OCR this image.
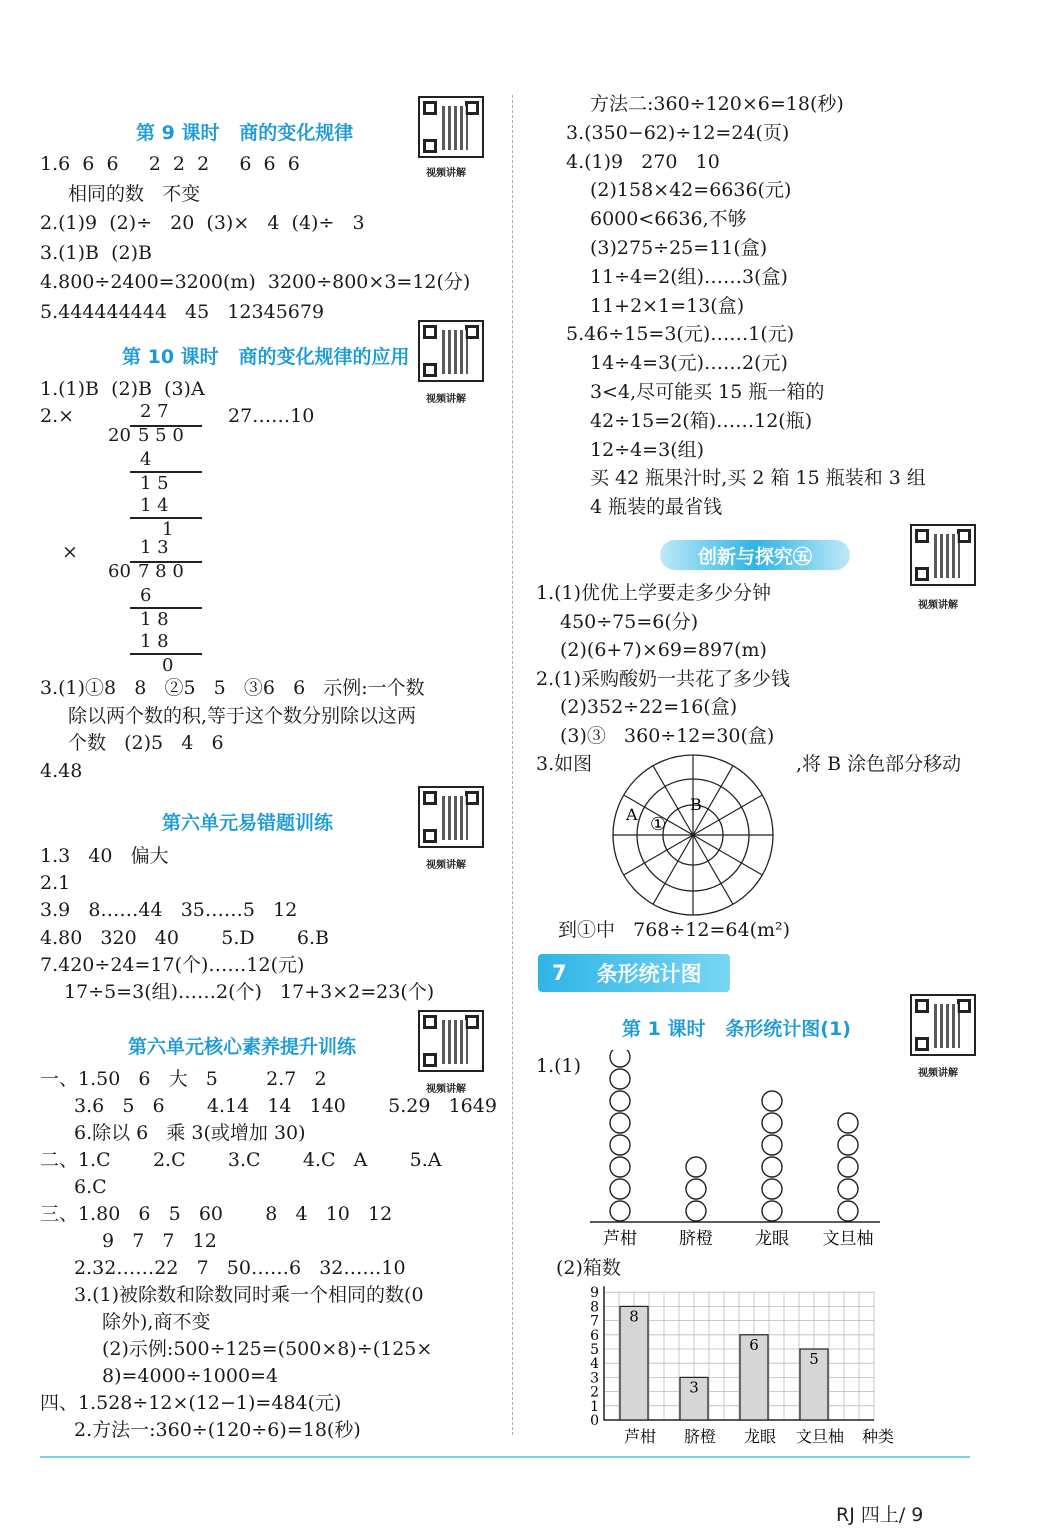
第 9 课时   商的变化规律
视频讲解
1.6  6  6     2  2  2     6  6  6
相同的数   不变
2.(1)9  (2)÷   20  (3)×   4  (4)÷   3
3.(1)B  (2)B
4.800÷2400=3200(m)  3200÷800×3=12(分)
5.444444444   45   12345679
第 10 课时   商的变化规律的应用
视频讲解
1.(1)B  (2)B  (3)A
2.×	27……10
2 7
20 5 5 0
4
1 5
1 4
1
×	1 3
60 7 8 0
6
1 8
1 8
0
3.(1)①8   8   ②5   5   ③6   6   示例:一个数
除以两个数的积,等于这个数分别除以这两
个数   (2)5   4   6
4.48
第六单元易错题训练
视频讲解
1.3   40   偏大
2.1
3.9   8……44   35……5   12
4.80   320   40       5.D       6.B
7.420÷24=17(个)……12(元)
17÷5=3(组)……2(个)   17+3×2=23(个)
第六单元核心素养提升训练
视频讲解
一、1.50   6   大   5        2.7   2
3.6   5   6       4.14   14   140       5.29   1649
6.除以 6   乘 3(或增加 30)
二、1.C       2.C       3.C       4.C   A       5.A
6.C
三、1.80   6   5   60       8   4   10   12
9   7   7   12
2.32……22   7   50……6   32……10
3.(1)被除数和除数同时乘一个相同的数(0
除外),商不变
(2)示例:500÷125=(500×8)÷(125×
8)=4000÷1000=4
四、1.528÷12×(12−1)=484(元)
2.方法一:360÷(120÷6)=18(秒)
方法二:360÷120×6=18(秒)
3.(350−62)÷12=24(页)
4.(1)9   270   10
(2)158×42=6636(元)
6000<6636,不够
(3)275÷25=11(盒)
11÷4=2(组)……3(盒)
11+2×1=13(盒)
5.46÷15=3(元)……1(元)
14÷4=3(元)……2(元)
3<4,尽可能买 15 瓶一箱的
42÷15=2(箱)……12(瓶)
12÷4=3(组)
买 42 瓶果汁时,买 2 箱 15 瓶装和 3 组
4 瓶装的最省钱
创新与探究㊄
视频讲解
1.(1)优优上学要走多少分钟
450÷75=6(分)
(2)(6+7)×69=897(m)
2.(1)采购酸奶一共花了多少钱
(2)352÷22=16(盒)
(3)③   360÷12=30(盒)
3.如图	,将 B 涂色部分移动
到①中   768÷12=64(m²)
A
B
①
7 条形统计图
第 1 课时   条形统计图(1)
视频讲解
1.(1)
芦柑 脐橙 龙眼 文旦柚
(2)箱数
0
1
2
3
4
5
6
7
8
9
8
芦柑
3
脐橙
6
龙眼
5
文旦柚 种类
RJ 四上/ 9
